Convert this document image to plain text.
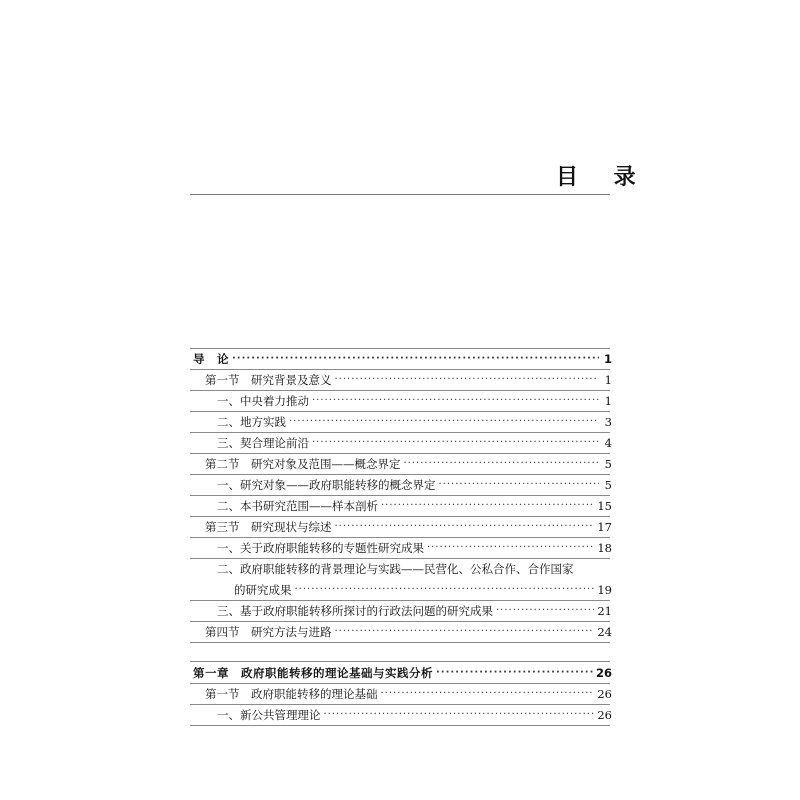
目 录
导　论 ·····	1
第一节　研究背景及意义 ·····	1
一、中央着力推动 ·····	1
二、地方实践 ·····	3
三、契合理论前沿 ·····	4
第二节　研究对象及范围——概念界定 ·····	5
一、研究对象——政府职能转移的概念界定 ·····	5
二、本书研究范围——样本剖析 ·····	15
第三节　研究现状与综述 ·····	17
一、关于政府职能转移的专题性研究成果 ·····	18
二、政府职能转移的背景理论与实践——民营化、公私合作、合作国家
的研究成果 ·····	19
三、基于政府职能转移所探讨的行政法问题的研究成果 ·····	21
第四节　研究方法与进路 ·····	24
第一章　政府职能转移的理论基础与实践分析 ·····	26
第一节　政府职能转移的理论基础 ·····	26
一、新公共管理理论 ·····	26
